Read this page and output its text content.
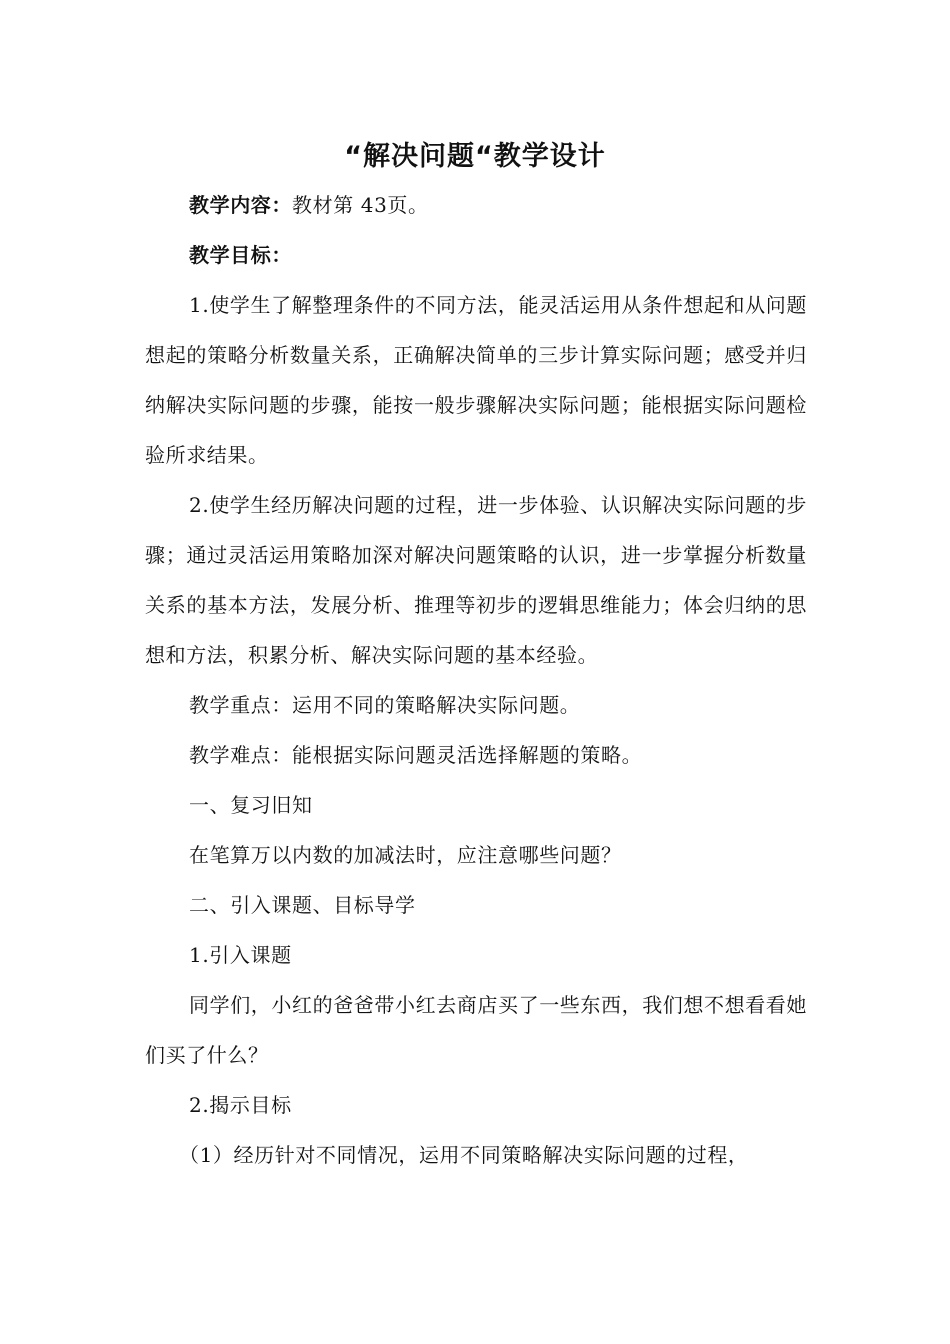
“解决问题“教学设计

教学内容：教材第 43页。

教学目标：

1.使学生了解整理条件的不同方法，能灵活运用从条件想起和从问题想起的策略分析数量关系，正确解决简单的三步计算实际问题；感受并归纳解决实际问题的步骤，能按一般步骤解决实际问题；能根据实际问题检验所求结果。

2.使学生经历解决问题的过程，进一步体验、认识解决实际问题的步骤；通过灵活运用策略加深对解决问题策略的认识，进一步掌握分析数量关系的基本方法，发展分析、推理等初步的逻辑思维能力；体会归纳的思想和方法，积累分析、解决实际问题的基本经验。

教学重点：运用不同的策略解决实际问题。

教学难点：能根据实际问题灵活选择解题的策略。

一、复习旧知

在笔算万以内数的加减法时，应注意哪些问题？

二、引入课题、目标导学

1.引入课题

同学们，小红的爸爸带小红去商店买了一些东西，我们想不想看看她们买了什么？

2.揭示目标

（1）经历针对不同情况，运用不同策略解决实际问题的过程，
